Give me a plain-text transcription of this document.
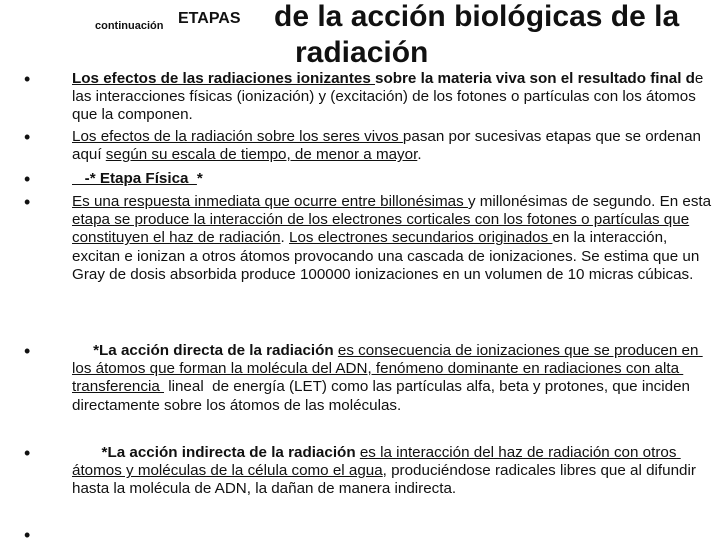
continuación ETAPAS de la acción biológicas de la
radiación
•	Los efectos de las radiaciones ionizantes sobre la materia viva son el resultado final de las interacciones físicas (ionización) y (excitación) de los fotones o partículas con los átomos que la componen.
•	Los efectos de la radiación sobre los seres vivos pasan por sucesivas etapas que se ordenan aquí según su escala de tiempo, de menor a mayor.
•	-* Etapa Física  *
•	Es una respuesta inmediata que ocurre entre billonésimas y millonésimas de segundo. En esta etapa se produce la interacción de los electrones corticales con los fotones o partículas que constituyen el haz de radiación. Los electrones secundarios originados en la interacción, excitan e ionizan a otros átomos provocando una cascada de ionizaciones. Se estima que un Gray de dosis absorbida produce 100000 ionizaciones en un volumen de 10 micras cúbicas.
•	*La acción directa de la radiación es consecuencia de ionizaciones que se producen en los átomos que forman la molécula del ADN, fenómeno dominante en radiaciones con alta transferencia  lineal  de energía (LET) como las partículas alfa, beta y protones, que inciden directamente sobre los átomos de las moléculas.
•	*La acción indirecta de la radiación es la interacción del haz de radiación con otros átomos y moléculas de la célula como el agua, produciéndose radicales libres que al difundir hasta la molécula de ADN, la dañan de manera indirecta.
•
